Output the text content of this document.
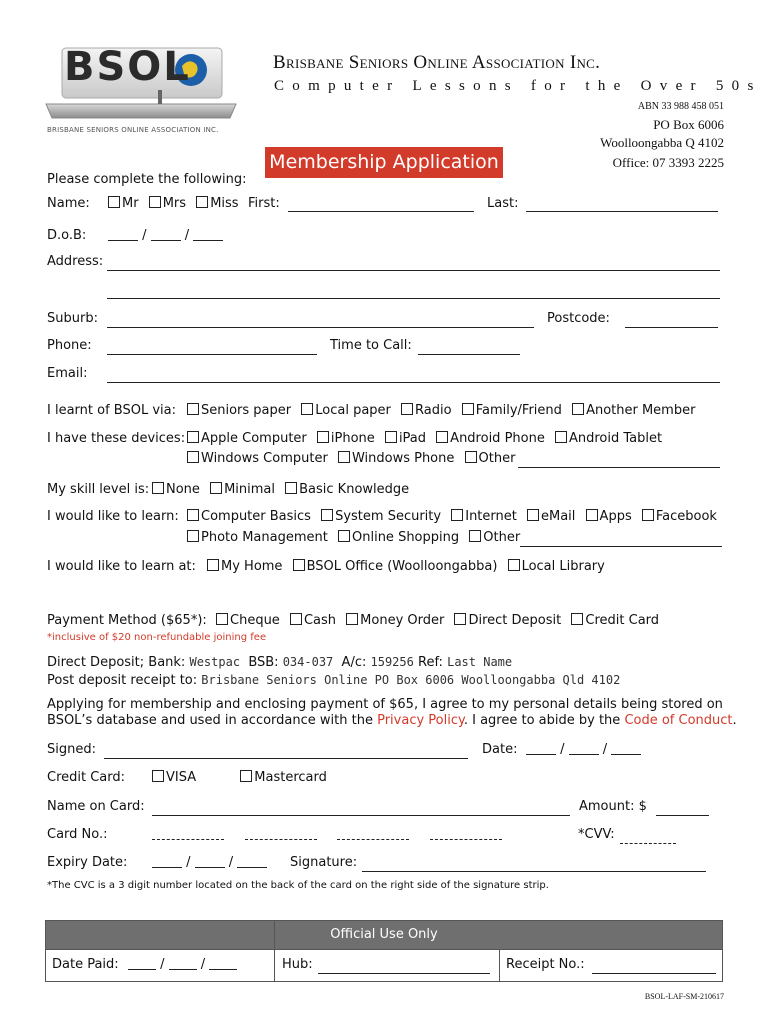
BSOL
BRISBANE SENIORS ONLINE ASSOCIATION INC.
Brisbane Seniors Online Association Inc.
Computer Lessons for the Over 50s
ABN 33 988 458 051
PO Box 6006
Woolloongabba Q 4102
Office: 07 3393 2225
Membership Application
Please complete the following:
Name:	Mr Mrs Miss First:	Last:
D.o.B:	/  /
Address:
Suburb:	Postcode:
Phone:	Time to Call:
Email:
I learnt of BSOL via:	Seniors paper Local paper Radio Family/Friend Another Member
I have these devices:	Apple Computer iPhone iPad Android Phone Android Tablet
Windows Computer Windows Phone Other
My skill level is:	None Minimal Basic Knowledge
I would like to learn:	Computer Basics System Security Internet eMail Apps Facebook
Photo Management Online Shopping Other
I would like to learn at:	My Home BSOL Office (Woolloongabba) Local Library
Payment Method ($65*):	Cheque Cash Money Order Direct Deposit Credit Card
*inclusive of $20 non-refundable joining fee
Direct Deposit; Bank: Westpac BSB: 034-037 A/c: 159256 Ref: Last Name
Post deposit receipt to: Brisbane Seniors Online PO Box 6006 Woolloongabba Qld 4102
Applying for membership and enclosing payment of $65, I agree to my personal details being stored on
BSOL’s database and used in accordance with the Privacy Policy. I agree to abide by the Code of Conduct.
Signed:	Date:	/  /
Credit Card:	VISA	Mastercard
Name on Card:	Amount: $
Card No.:
	*CVV:
Expiry Date:	/  /	Signature:
*The CVC is a 3 digit number located on the back of the card on the right side of the signature strip.
Official Use Only
Date Paid:	/  /	Hub:	Receipt No.:
BSOL-LAF-SM-210617
